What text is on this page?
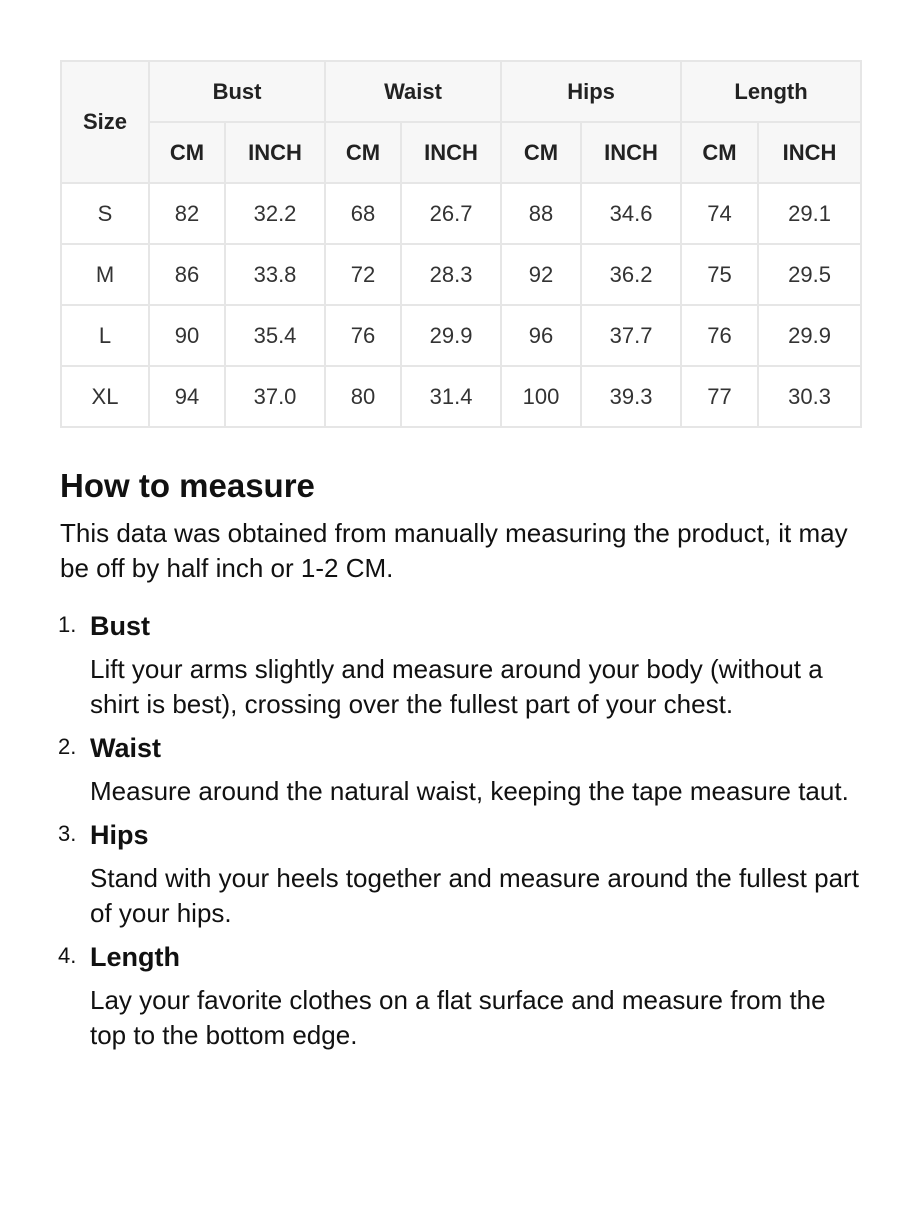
Size	Bust		Waist		Hips		Length	
	CM	INCH	CM	INCH	CM	INCH	CM	INCH
S	82	32.2	68	26.7	88	34.6	74	29.1
M	86	33.8	72	28.3	92	36.2	75	29.5
L	90	35.4	76	29.9	96	37.7	76	29.9
XL	94	37.0	80	31.4	100	39.3	77	30.3
How to measure

This data was obtained from manually measuring the product, it may be off by half inch or 1-2 CM.

1. Bust
Lift your arms slightly and measure around your body (without a shirt is best), crossing over the fullest part of your chest.
2. Waist
Measure around the natural waist, keeping the tape measure taut.
3. Hips
Stand with your heels together and measure around the fullest part of your hips.
4. Length
Lay your favorite clothes on a flat surface and measure from the top to the bottom edge.
